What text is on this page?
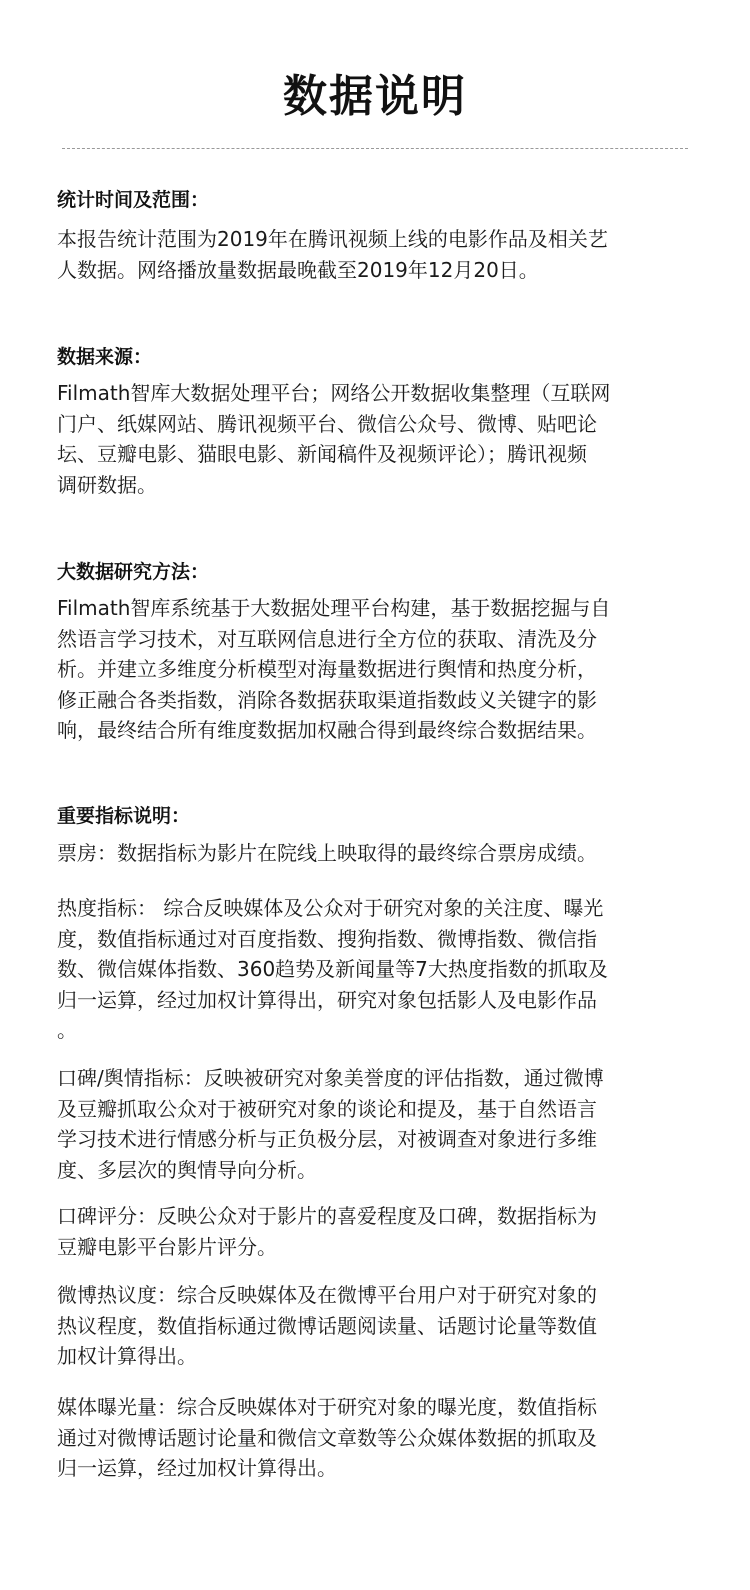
数据说明
统计时间及范围：
本报告统计范围为2019年在腾讯视频上线的电影作品及相关艺
人数据。网络播放量数据最晚截至2019年12月20日。
数据来源：
Filmath智库大数据处理平台；网络公开数据收集整理（互联网
门户、纸媒网站、腾讯视频平台、微信公众号、微博、贴吧论
坛、豆瓣电影、猫眼电影、新闻稿件及视频评论）；腾讯视频
调研数据。
大数据研究方法：
Filmath智库系统基于大数据处理平台构建，基于数据挖掘与自
然语言学习技术，对互联网信息进行全方位的获取、清洗及分
析。并建立多维度分析模型对海量数据进行舆情和热度分析，
修正融合各类指数，消除各数据获取渠道指数歧义关键字的影
响，最终结合所有维度数据加权融合得到最终综合数据结果。
重要指标说明：
票房：数据指标为影片在院线上映取得的最终综合票房成绩。
热度指标： 综合反映媒体及公众对于研究对象的关注度、曝光
度，数值指标通过对百度指数、搜狗指数、微博指数、微信指
数、微信媒体指数、360趋势及新闻量等7大热度指数的抓取及
归一运算，经过加权计算得出，研究对象包括影人及电影作品
。
口碑/舆情指标：反映被研究对象美誉度的评估指数，通过微博
及豆瓣抓取公众对于被研究对象的谈论和提及，基于自然语言
学习技术进行情感分析与正负极分层，对被调查对象进行多维
度、多层次的舆情导向分析。
口碑评分：反映公众对于影片的喜爱程度及口碑，数据指标为
豆瓣电影平台影片评分。
微博热议度：综合反映媒体及在微博平台用户对于研究对象的
热议程度，数值指标通过微博话题阅读量、话题讨论量等数值
加权计算得出。
媒体曝光量：综合反映媒体对于研究对象的曝光度，数值指标
通过对微博话题讨论量和微信文章数等公众媒体数据的抓取及
归一运算，经过加权计算得出。
